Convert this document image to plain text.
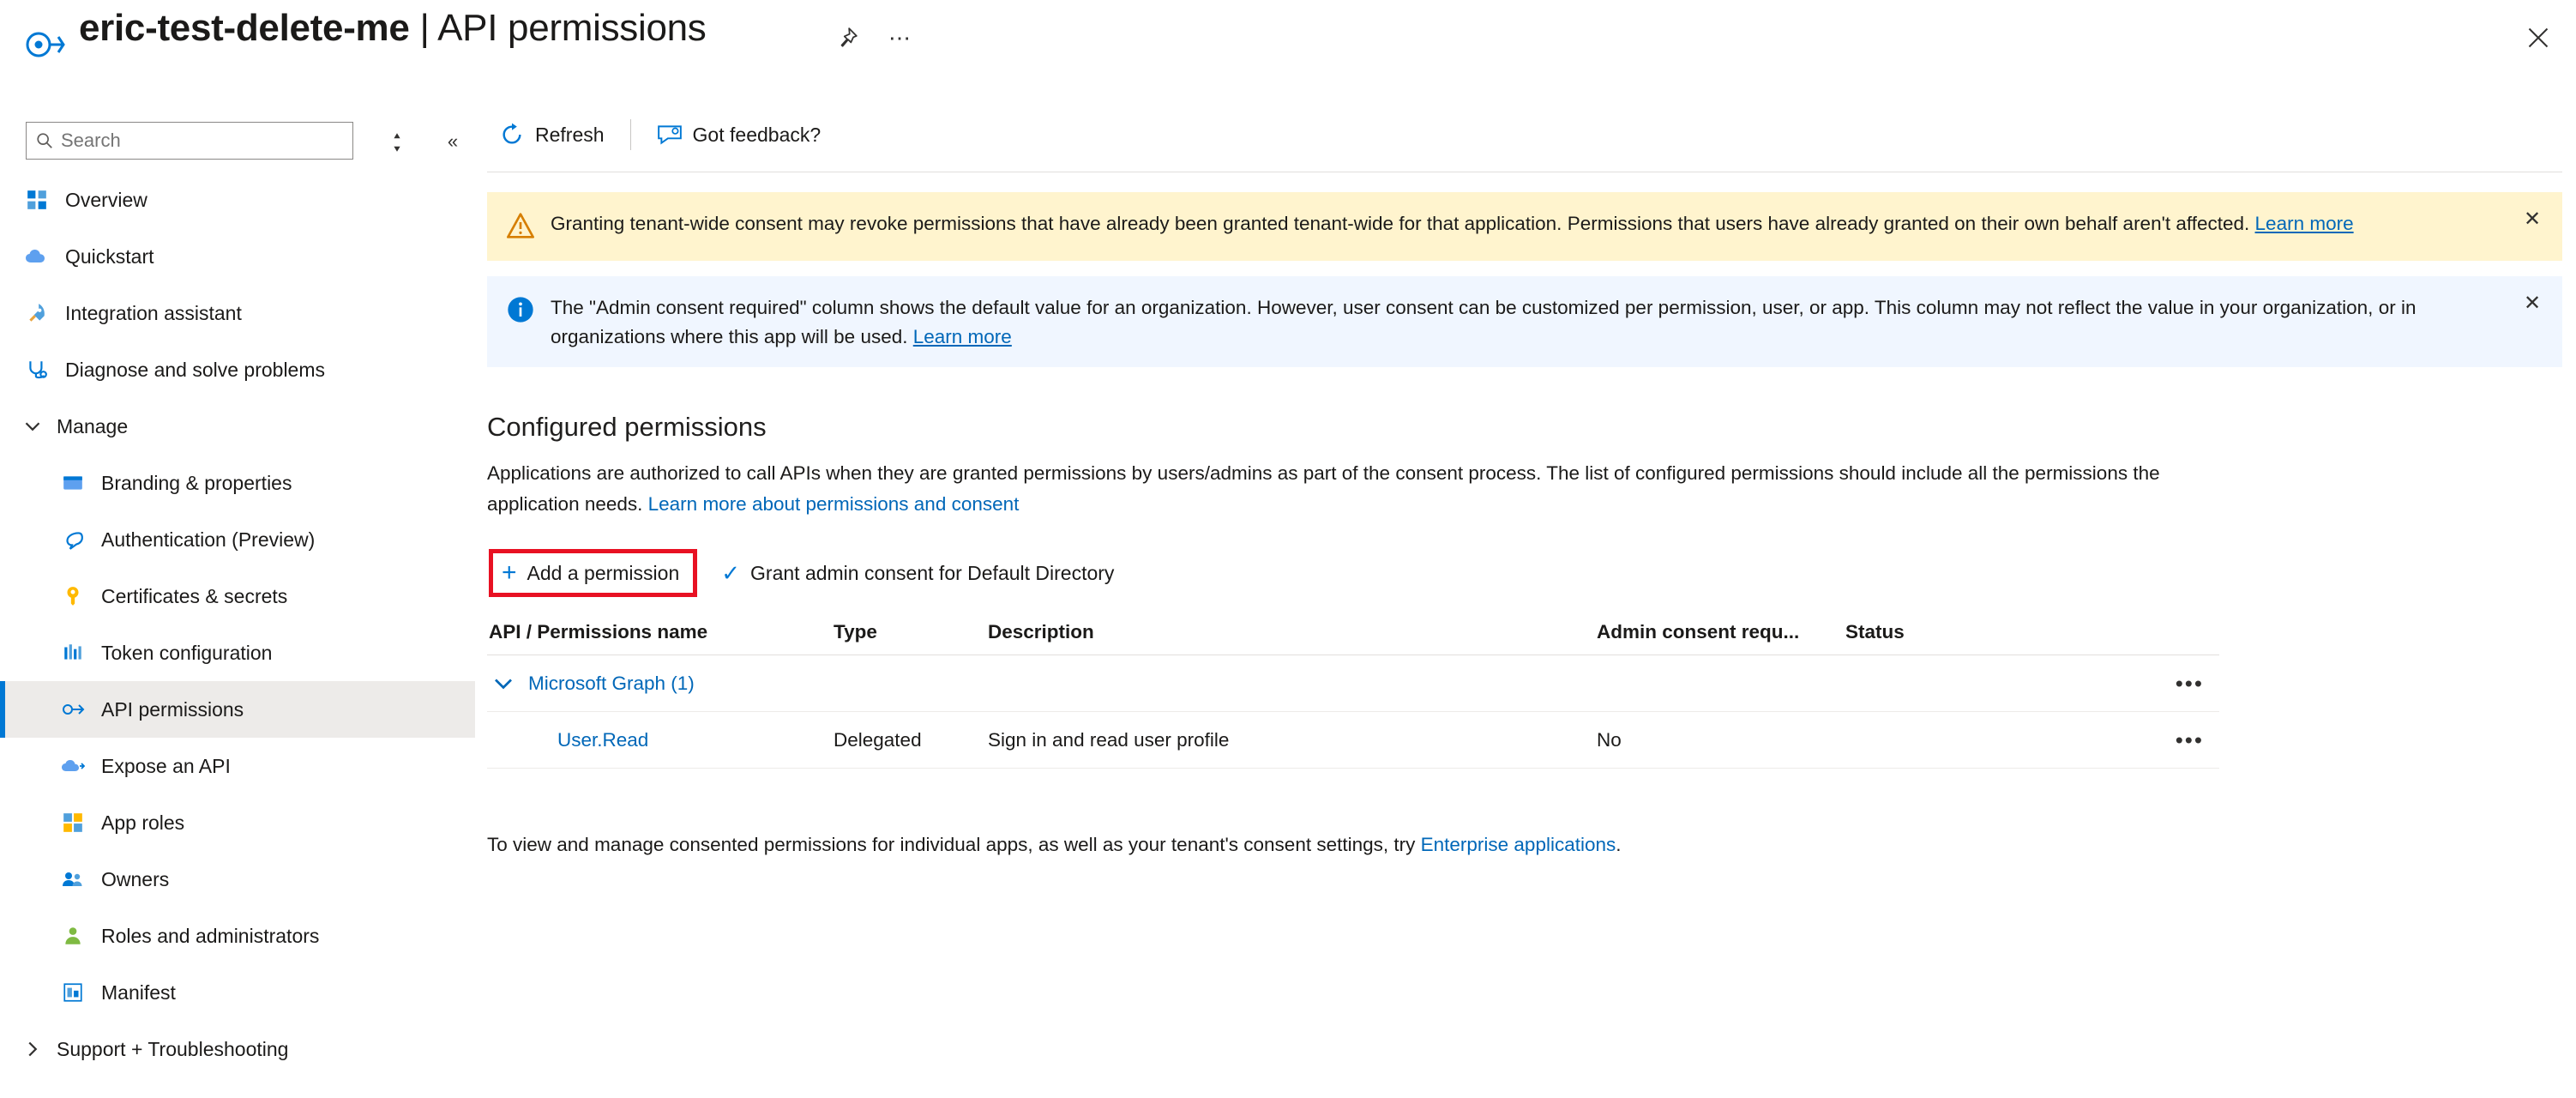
eric-test-delete-me | API permissions	⋯
Search
«
Overview
Quickstart
Integration assistant
Diagnose and solve problems
Manage
Branding & properties
Authentication (Preview)
Certificates & secrets
Token configuration
API permissions
Expose an API
App roles
Owners
Roles and administrators
Manifest
Support + Troubleshooting
Refresh	Got feedback?
Granting tenant-wide consent may revoke permissions that have already been granted tenant-wide for that application. Permissions that users have already granted on their own behalf aren't affected. Learn more	✕
The "Admin consent required" column shows the default value for an organization. However, user consent can be customized per permission, user, or app. This column may not reflect the value in your organization, or in organizations where this app will be used. Learn more
✕
Configured permissions
Applications are authorized to call APIs when they are granted permissions by users/admins as part of the consent process. The list of configured permissions should include all the permissions the application needs. Learn more about permissions and consent
+ Add a permission ✓ Grant admin consent for Default Directory
API / Permissions name	Type	Description	Admin consent requ...	Status
Microsoft Graph (1)	•••
User.Read	Delegated	Sign in and read user profile	No	•••
To view and manage consented permissions for individual apps, as well as your tenant's consent settings, try Enterprise applications.
